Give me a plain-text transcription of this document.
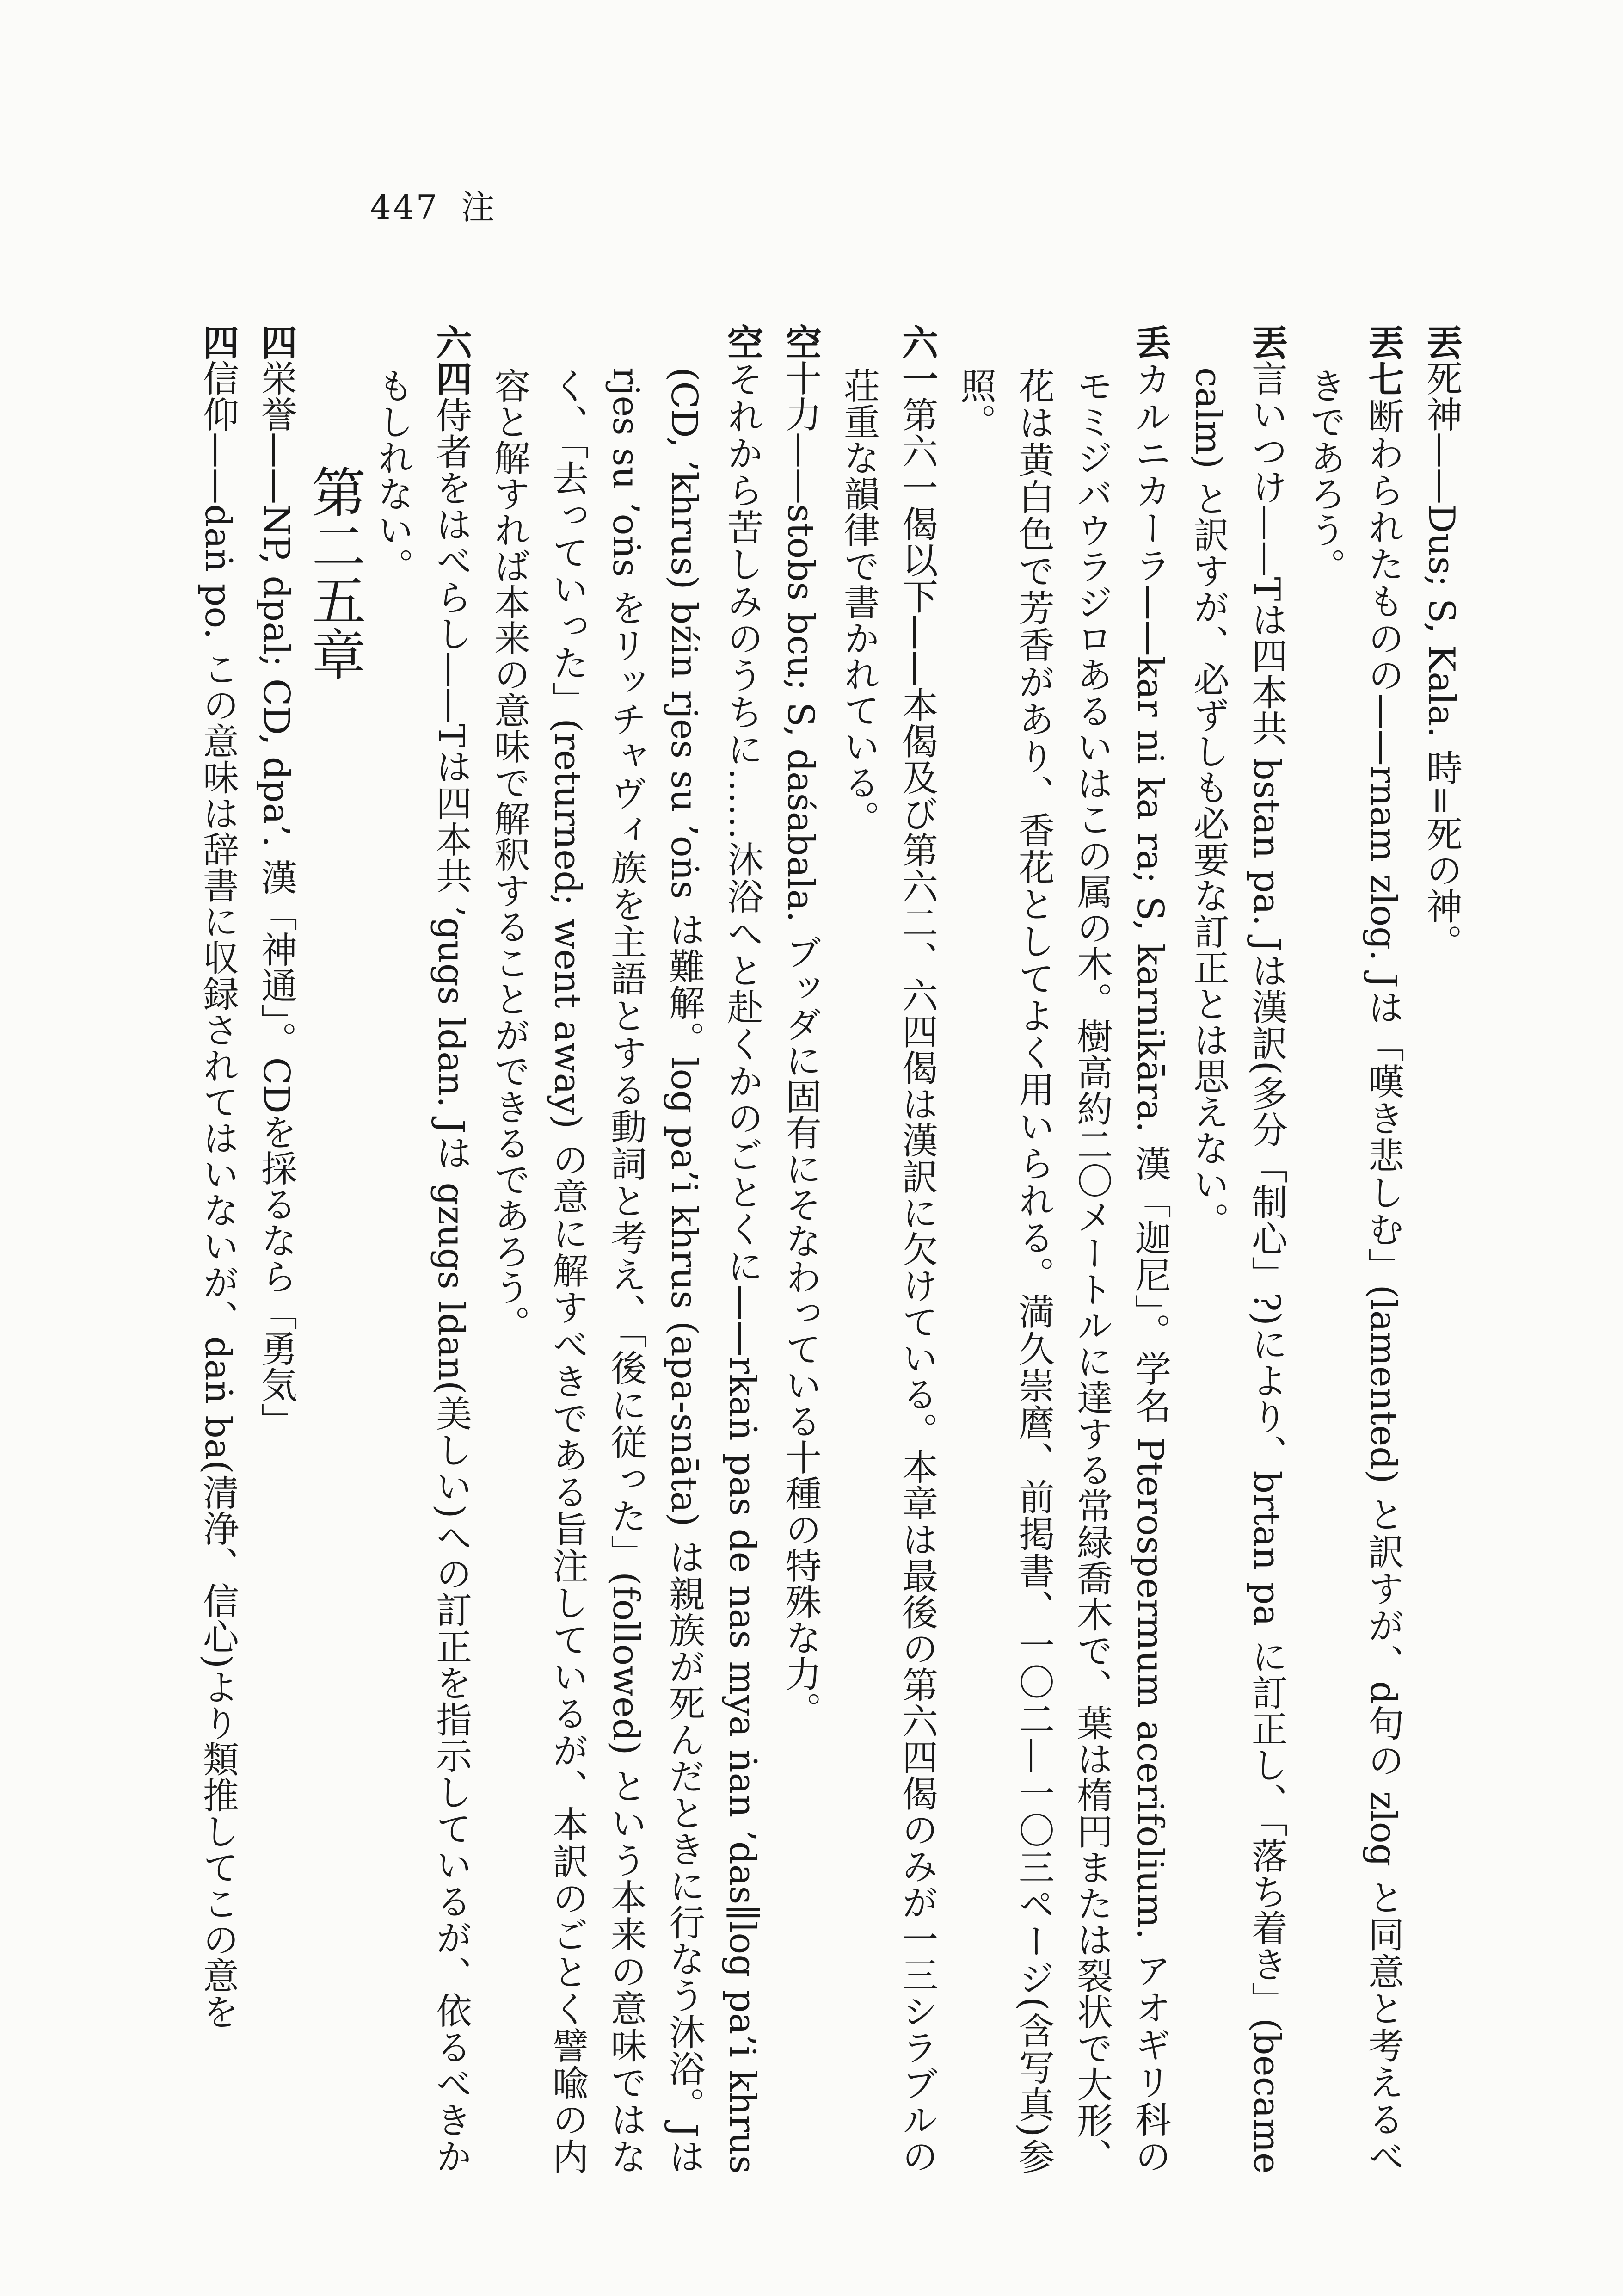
447 注

丟死神——Dus; S, Kala. 時=死の神。

丟七断わられたものの——rnam zlog. Jは「嘆き悲しむ」(lamented) と訳すが、d句の zlog と同意と考えるべきであろう。

丟言いつけ——Tは四本共 bstan pa. Jは漢訳(多分「制心」?)により、brtan pa に訂正し、「落ち着き」(became calm) と訳すが、必ずしも必要な訂正とは思えない。

丢カルニカーラ——kar ni ka ra; S, karnikāra. 漢「迦尼」。学名 Pterospermum acerifolium. アオギリ科のモミジバウラジロあるいはこの属の木。樹高約二〇メートルに達する常緑喬木で、葉は楕円または裂状で大形、花は黄白色で芳香があり、香花としてよく用いられる。満久崇麿、前掲書、一〇二—一〇三ページ(含写真)参照。

六一第六一偈以下——本偈及び第六二、六四偈は漢訳に欠けている。本章は最後の第六四偈のみが一三シラブルの荘重な韻律で書かれている。

空十力——stobs bcu; S, daśabala. ブッダに固有にそなわっている十種の特殊な力。

空それから苦しみのうちに……沐浴へと赴くかのごとくに——rkaṅ pas de nas mya ṅan ’das∥log pa’i khrus (CD, ’khrus) bźin rjes su ’oṅs は難解。log pa’i khrus (apa-snāta) は親族が死んだときに行なう沐浴。Jは rjes su ’oṅs をリッチャヴィ族を主語とする動詞と考え、「後に従った」(followed) という本来の意味ではなく、「去っていった」(returned; went away) の意に解すべきである旨注しているが、本訳のごとく譬喩の内容と解すれば本来の意味で解釈することができるであろう。

六四侍者をはべらし——Tは四本共 ’gugs ldan. Jは gzugs ldan(美しい)への訂正を指示しているが、依るべきかもしれない。

第二五章

四栄誉——NP, dpal; CD, dpa’. 漢「神通」。CDを採るなら「勇気」

四信仰——daṅ po. この意味は辞書に収録されてはいないが、daṅ ba(清浄、信心)より類推してこの意を
